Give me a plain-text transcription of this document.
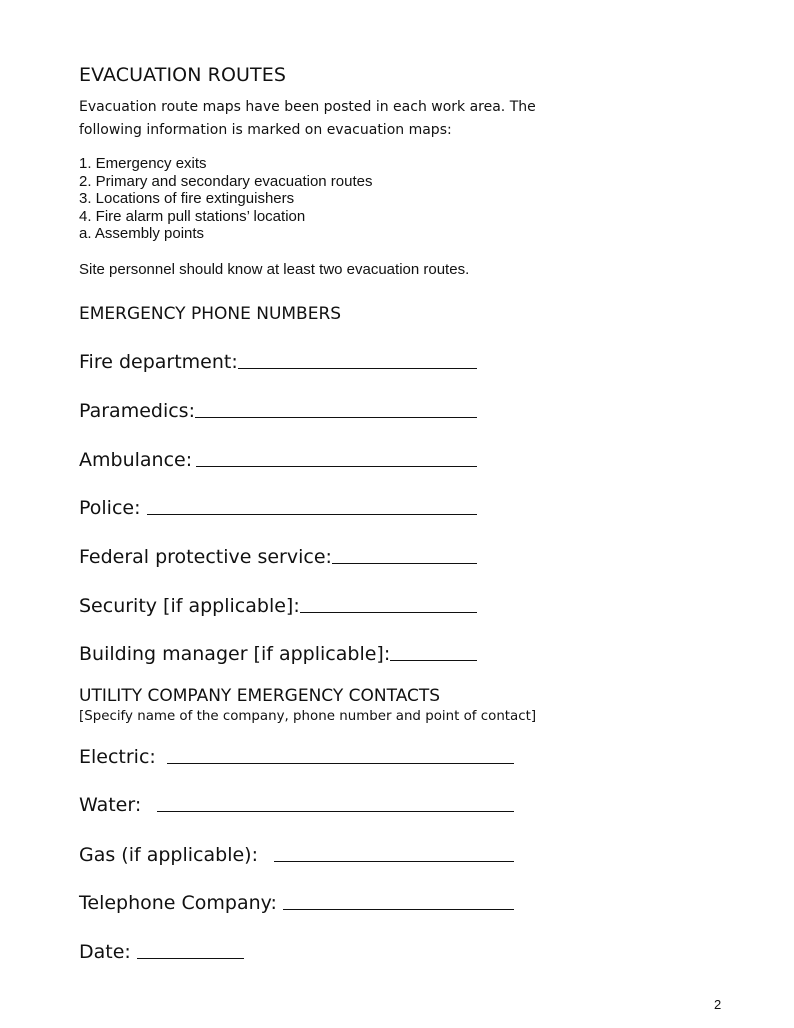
EVACUATION ROUTES
Evacuation route maps have been posted in each work area. The
following information is marked on evacuation maps:
1. Emergency exits
2. Primary and secondary evacuation routes
3. Locations of fire extinguishers
4. Fire alarm pull stations’ location
a. Assembly points
Site personnel should know at least two evacuation routes.
EMERGENCY PHONE NUMBERS
Fire department:
Paramedics:
Ambulance:
Police:
Federal protective service:
Security [if applicable]:
Building manager [if applicable]:
UTILITY COMPANY EMERGENCY CONTACTS
[Specify name of the company, phone number and point of contact]
Electric:
Water:
Gas (if applicable):
Telephone Company:
Date:
2
